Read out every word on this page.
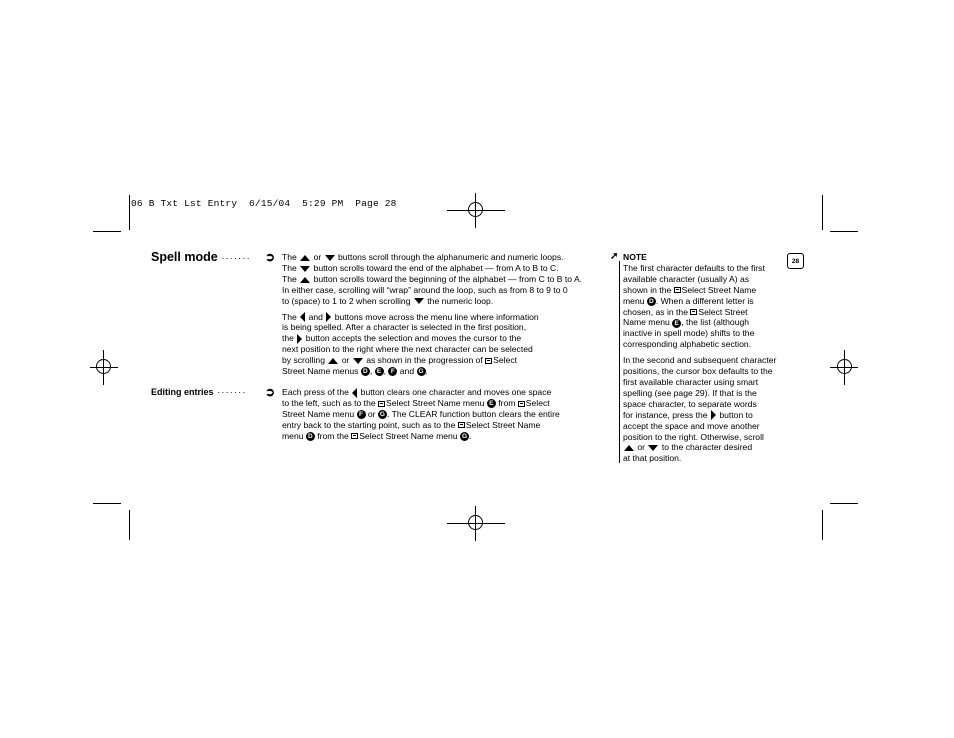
06 B Txt Lst Entry  6/15/04  5:29 PM  Page 28
Spell mode ······· ➲ The or buttons scroll through the alphanumeric and numeric loops.
The button scrolls toward the end of the alphabet — from A to B to C.
The button scrolls toward the beginning of the alphabet — from C to B to A.
In either case, scrolling will “wrap” around the loop, such as from 8 to 9 to 0
to (space) to 1 to 2 when scrolling the numeric loop.

The and buttons move across the menu line where information
is being spelled. After a character is selected in the first position,
the button accepts the selection and moves the cursor to the
next position to the right where the next character can be selected
by scrolling or as shown in the progression of Select
Street Name menus D , E , F and G .

Editing entries ······· ➲ Each press of the button clears one character and moves one space
to the left, such as to the Select Street Name menu E from Select
Street Name menu F or G . The CLEAR function button clears the entire
entry back to the starting point, such as to the Select Street Name
menu D from the Select Street Name menu G .

➚ NOTE

The first character defaults to the first
available character (usually A) as
shown in the Select Street Name
menu D . When a different letter is
chosen, as in the Select Street
Name menu E , the list (although
inactive in spell mode) shifts to the
corresponding alphabetic section.

In the second and subsequent character
positions, the cursor box defaults to the
first available character using smart
spelling (see page 29). If that is the
space character, to separate words
for instance, press the button to
accept the space and move another
position to the right. Otherwise, scroll
or to the character desired
at that position.

28
